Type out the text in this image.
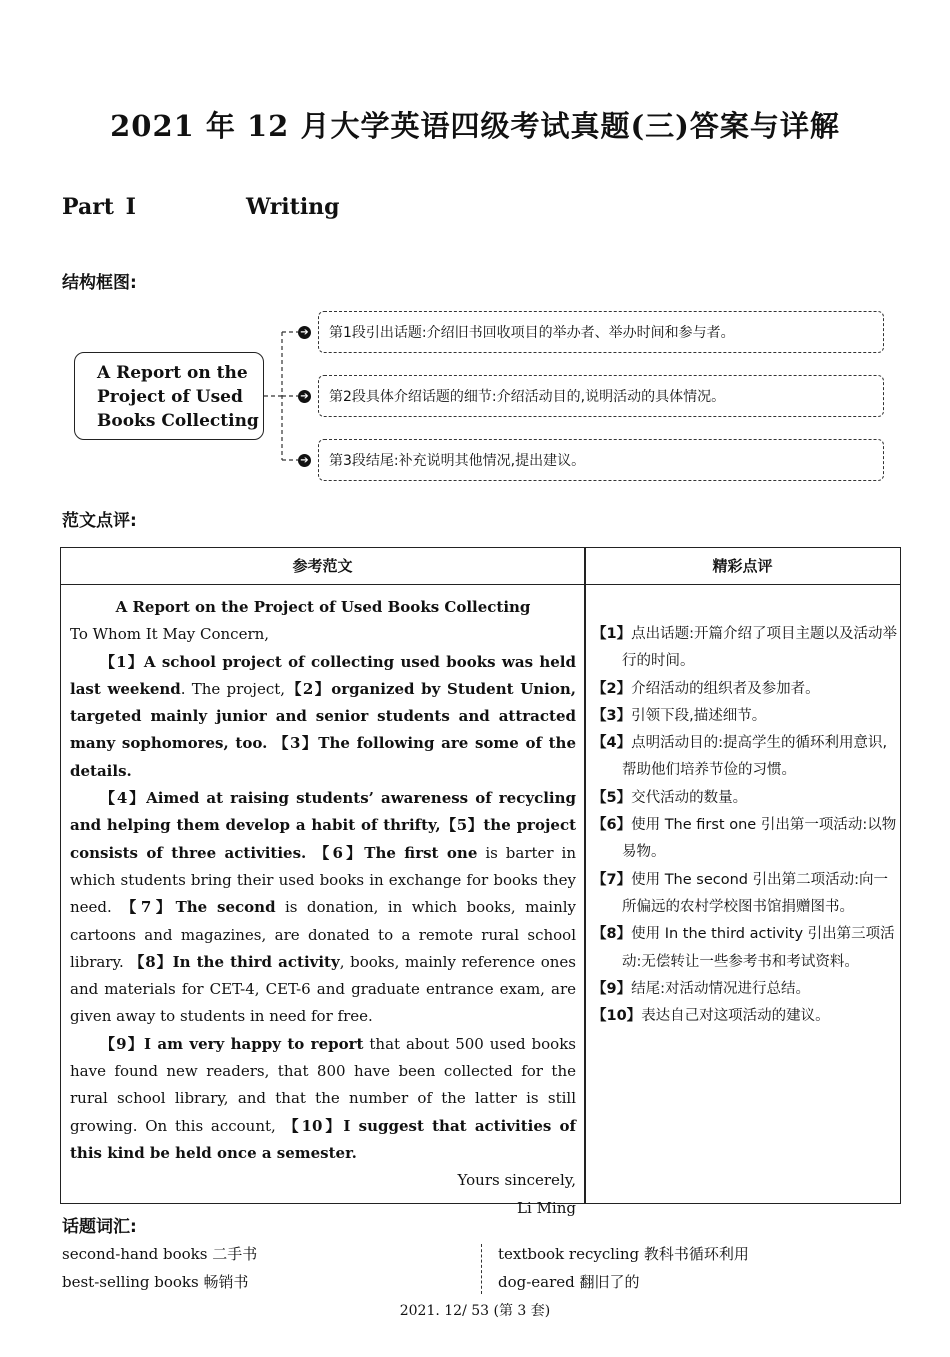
2021 年 12 月大学英语四级考试真题(三)答案与详解
Part Ⅰ	Writing
结构框图:
A Report on the
Project of Used
Books Collecting
➔
➔
➔
第1段引出话题:介绍旧书回收项目的举办者、举办时间和参与者。
第2段具体介绍话题的细节:介绍活动目的,说明活动的具体情况。
第3段结尾:补充说明其他情况,提出建议。
范文点评:
参考范文	精彩点评

A Report on the Project of Used Books Collecting

To Whom It May Concern,

【1】A school project of collecting used books was held last weekend. The project,【2】organized by Student Union, targeted mainly junior and senior students and attracted many sophomores, too. 【3】The following are some of the details.

【4】Aimed at raising students’ awareness of recycling and helping them develop a habit of thrifty,【5】the project consists of three activities. 【6】The first one is barter in which students bring their used books in exchange for books they need. 【7】The second is donation, in which books, mainly cartoons and magazines, are donated to a remote rural school library. 【8】In the third activity, books, mainly reference ones and materials for CET-4, CET-6 and graduate entrance exam, are given away to students in need for free.

【9】I am very happy to report that about 500 used books have found new readers, that 800 have been collected for the rural school library, and that the number of the latter is still growing. On this account, 【10】I suggest that activities of this kind be held once a semester.

Yours sincerely,

Li Ming

【1】点出话题:开篇介绍了项目主题以及活动举行的时间。
【2】介绍活动的组织者及参加者。
【3】引领下段,描述细节。
【4】点明活动目的:提高学生的循环利用意识,帮助他们培养节俭的习惯。
【5】交代活动的数量。
【6】使用 The first one 引出第一项活动:以物易物。
【7】使用 The second 引出第二项活动:向一所偏远的农村学校图书馆捐赠图书。
【8】使用 In the third activity 引出第三项活动:无偿转让一些参考书和考试资料。
【9】结尾:对活动情况进行总结。
【10】表达自己对这项活动的建议。
话题词汇:
second-hand books 二手书
best-selling books 畅销书
textbook recycling 教科书循环利用
dog-eared 翻旧了的
2021. 12/ 53 (第 3 套)
